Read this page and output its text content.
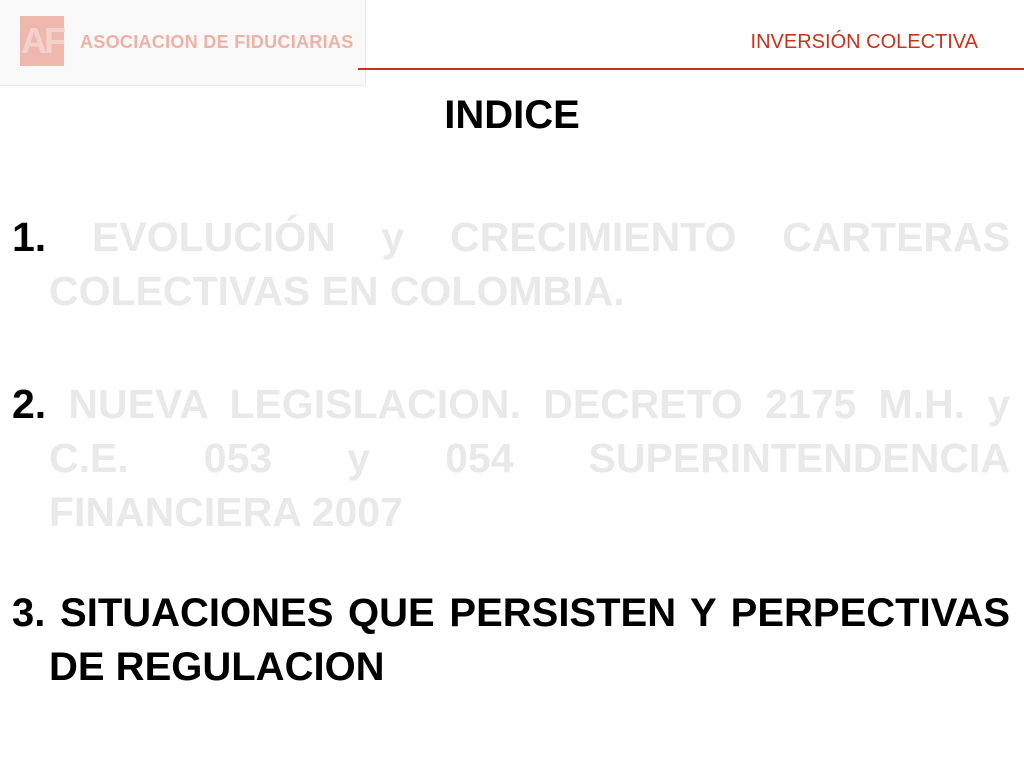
AF ASOCIACION DE FIDUCIARIAS	INVERSIÓN COLECTIVA
INDICE
1. EVOLUCIÓN y CRECIMIENTO CARTERAS COLECTIVAS EN COLOMBIA.
2. NUEVA LEGISLACION. DECRETO 2175 M.H. y C.E. 053 y 054 SUPERINTENDENCIA FINANCIERA 2007
3. SITUACIONES QUE PERSISTEN Y PERPECTIVAS DE REGULACION
